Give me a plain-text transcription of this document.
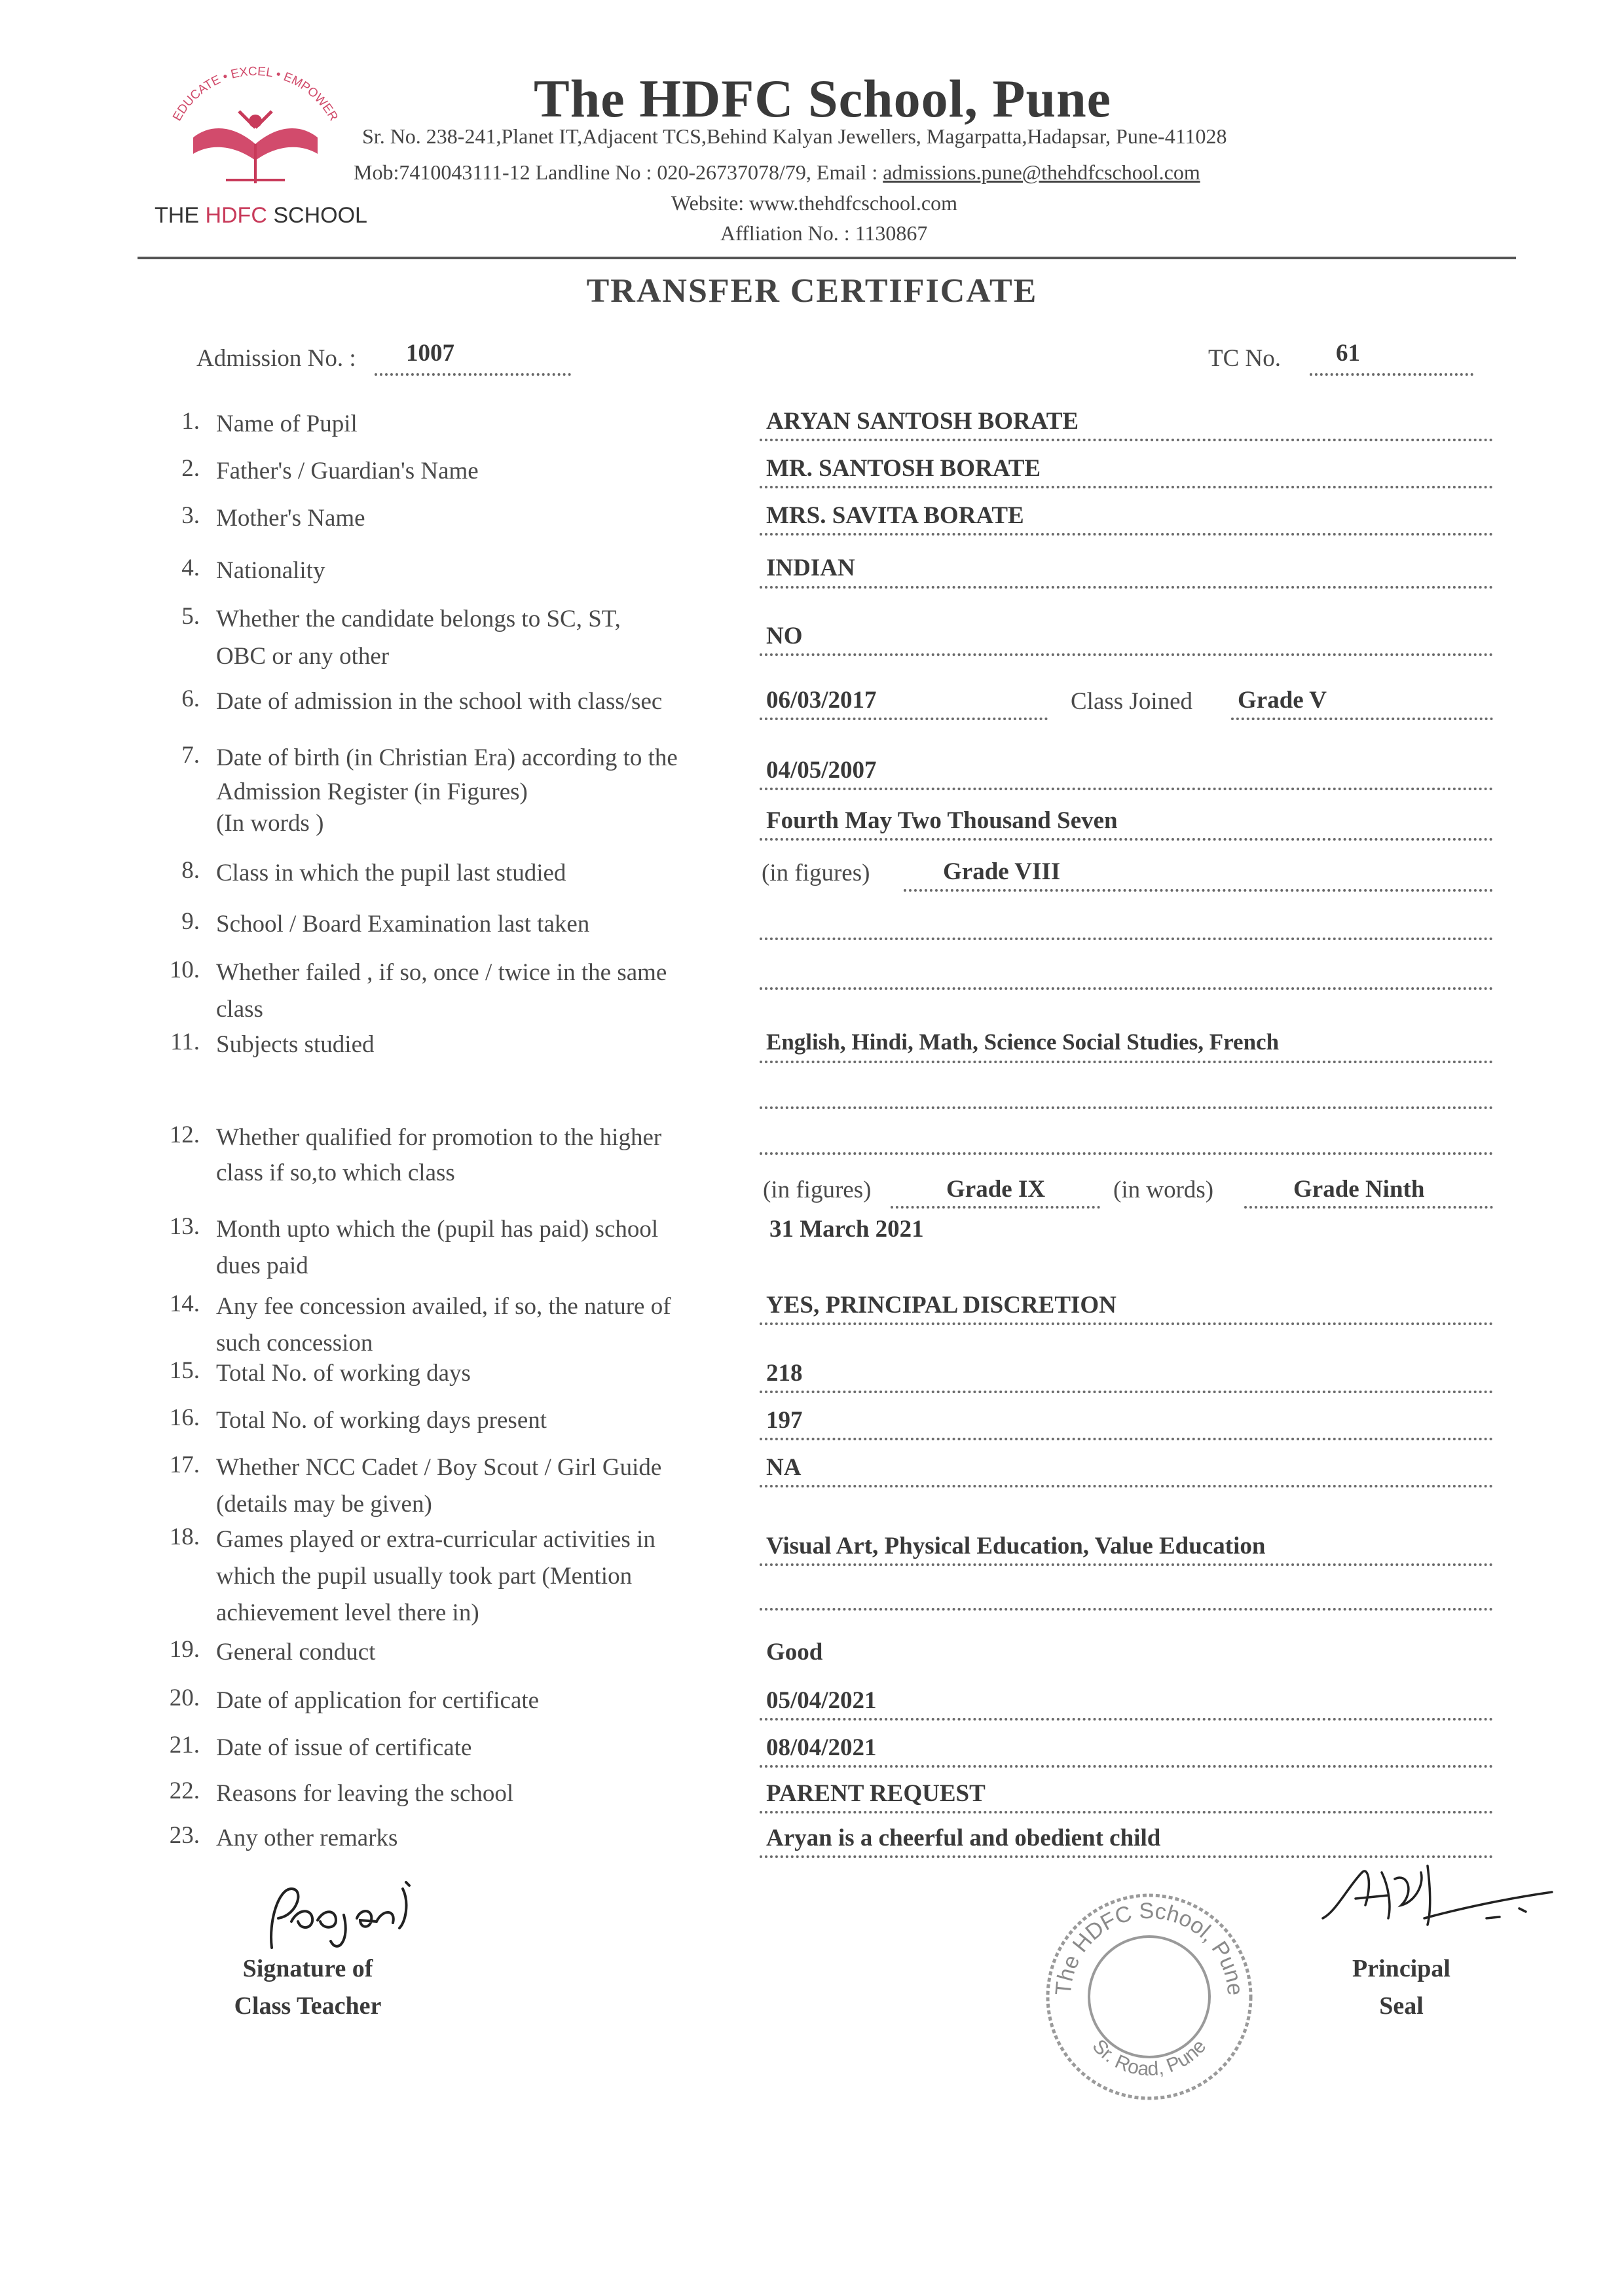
EDUCATE • EXCEL • EMPOWER
THE HDFC SCHOOL
The HDFC School, Pune
Sr. No. 238-241,Planet IT,Adjacent TCS,Behind Kalyan Jewellers, Magarpatta,Hadapsar, Pune-411028
Mob:7410043111-12 Landline No : 020-26737078/79, Email : admissions.pune@thehdfcschool.com
Website: www.thehdfcschool.com
Affliation No. : 1130867
TRANSFER CERTIFICATE
Admission No. : 1007	TC No. 61
1. Name of Pupil	ARYAN SANTOSH BORATE
2. Father's / Guardian's Name	MR. SANTOSH BORATE
3. Mother's Name	MRS. SAVITA BORATE
4. Nationality	INDIAN
5. Whether the candidate belongs to SC, ST,
OBC or any other
NO
6. Date of admission in the school with class/sec	06/03/2017	Class Joined Grade V
7. Date of birth (in Christian Era) according to the
Admission Register (in Figures)
(In words )
04/05/2007
Fourth May Two Thousand Seven
8. Class in which the pupil last studied	(in figures)	Grade VIII
9. School / Board Examination last taken
10. Whether failed , if so, once / twice in the same
class
11. Subjects studied	English, Hindi, Math, Science Social Studies, French
12. Whether qualified for promotion to the higher
class if so,to which class
(in figures)	Grade IX	(in words)	Grade Ninth
13. Month upto which the (pupil has paid) school
dues paid
31 March 2021
14. Any fee concession availed, if so, the nature of
such concession
YES, PRINCIPAL DISCRETION
15. Total No. of working days	218
16. Total No. of working days present	197
17. Whether NCC Cadet / Boy Scout / Girl Guide
(details may be given)
NA
18. Games played or extra-curricular activities in
which the pupil usually took part (Mention
achievement level there in)
Visual Art, Physical Education, Value Education
19. General conduct	Good
20. Date of application for certificate	05/04/2021
21. Date of issue of certificate	08/04/2021
22. Reasons for leaving the school	PARENT REQUEST
23. Any other remarks	Aryan is a cheerful and obedient child
Signature of
Class Teacher
The HDFC School, Pune
Sr. Road, Pune
Principal
Seal
